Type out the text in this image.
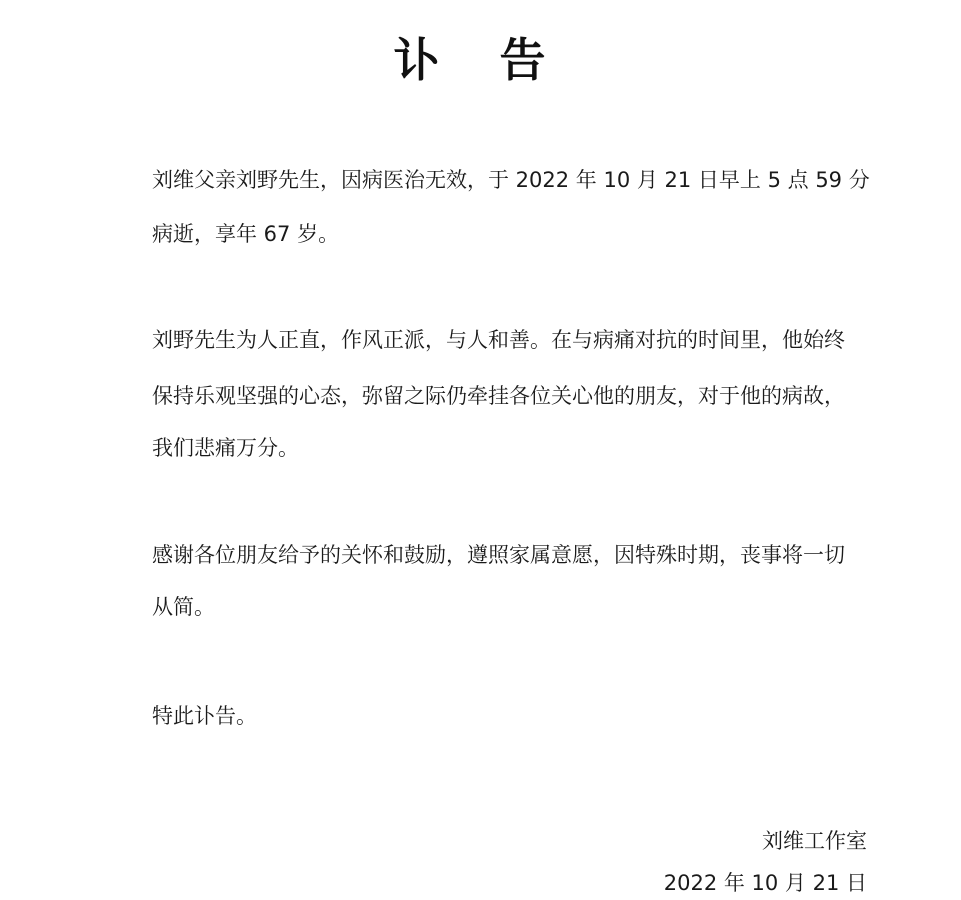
讣 告
刘维父亲刘野先生，因病医治无效，于 2022 年 10 月 21 日早上 5 点 59 分
病逝，享年 67 岁。
刘野先生为人正直，作风正派，与人和善。在与病痛对抗的时间里，他始终
保持乐观坚强的心态，弥留之际仍牵挂各位关心他的朋友，对于他的病故，
我们悲痛万分。
感谢各位朋友给予的关怀和鼓励，遵照家属意愿，因特殊时期，丧事将一切
从简。
特此讣告。
刘维工作室
2022 年 10 月 21 日
